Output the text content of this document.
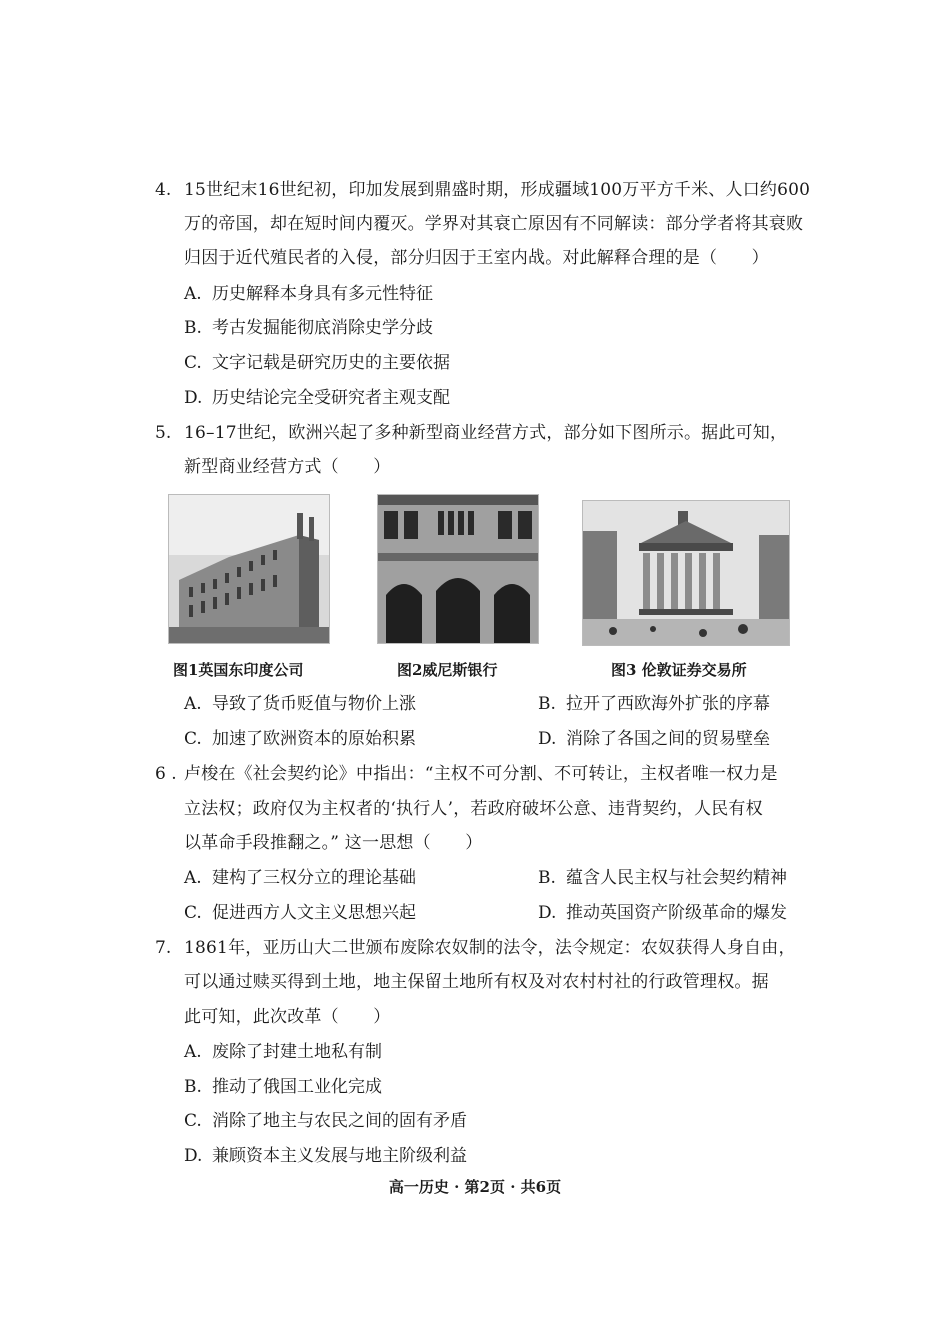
4. 15世纪末16世纪初，印加发展到鼎盛时期，形成疆域100万平方千米、人口约600
万的帝国，却在短时间内覆灭。学界对其衰亡原因有不同解读：部分学者将其衰败
归因于近代殖民者的入侵，部分归因于王室内战。对此解释合理的是（　　）
A. 历史解释本身具有多元性特征
B. 考古发掘能彻底消除史学分歧
C. 文字记载是研究历史的主要依据
D. 历史结论完全受研究者主观支配
5. 16–17世纪，欧洲兴起了多种新型商业经营方式，部分如下图所示。据此可知，
新型商业经营方式（　　）
图1英国东印度公司	图2威尼斯银行	图3 伦敦证券交易所
A. 导致了货币贬值与物价上涨	B. 拉开了西欧海外扩张的序幕
C. 加速了欧洲资本的原始积累	D. 消除了各国之间的贸易壁垒
6 . 卢梭在《社会契约论》中指出：“主权不可分割、不可转让，主权者唯一权力是
立法权；政府仅为主权者的‘执行人’，若政府破坏公意、违背契约，人民有权
以革命手段推翻之。” 这一思想（　　）
A. 建构了三权分立的理论基础	B. 蕴含人民主权与社会契约精神
C. 促进西方人文主义思想兴起	D. 推动英国资产阶级革命的爆发
7. 1861年，亚历山大二世颁布废除农奴制的法令，法令规定：农奴获得人身自由，
可以通过赎买得到土地，地主保留土地所有权及对农村村社的行政管理权。据
此可知，此次改革（　　）
A. 废除了封建土地私有制
B. 推动了俄国工业化完成
C. 消除了地主与农民之间的固有矛盾
D. 兼顾资本主义发展与地主阶级利益
高一历史 · 第2页 · 共6页
